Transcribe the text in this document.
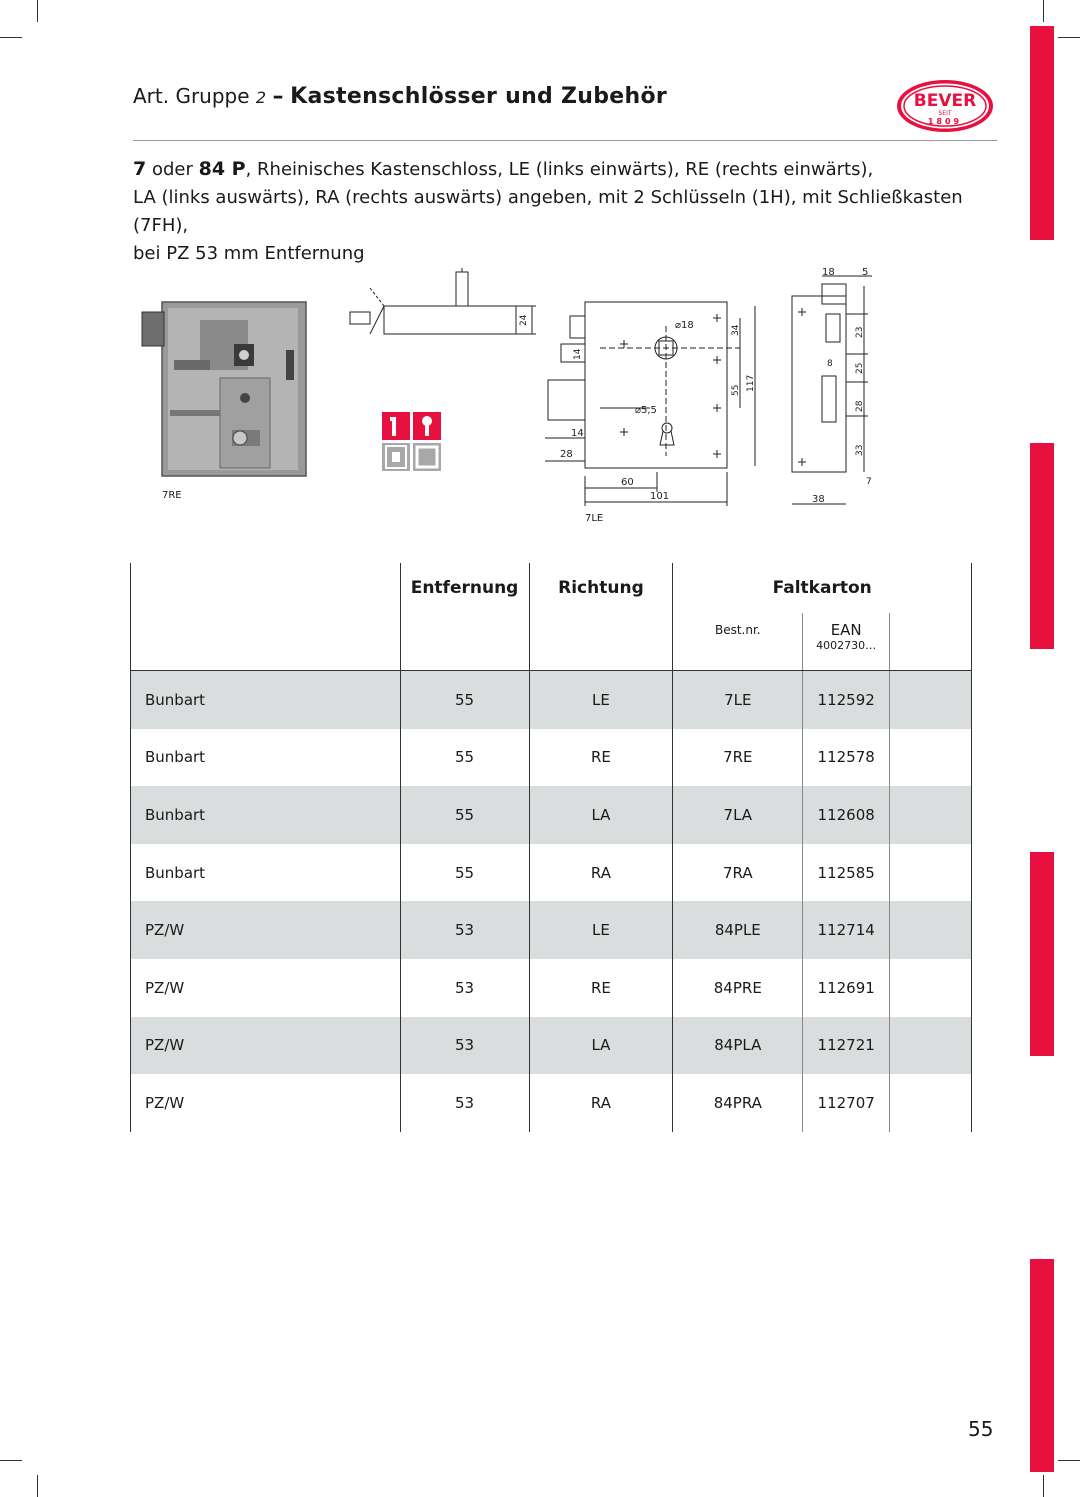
Art. Gruppe 2 – Kastenschlösser und Zubehör	BEVER
SEIT
1809
7 oder 84 P, Rheinisches Kastenschloss, LE (links einwärts), RE (rechts einwärts),
LA (links auswärts), RA (rechts auswärts) angeben, mit 2 Schlüsseln (1H), mit Schließkasten (7FH),
bei PZ 53 mm Entfernung
7RE
24	⌀18
⌀5,5
14
14
28
60
101
34
55 117
7LE
18	5
23
8 25
28
33
7
38
	Entfernung	Richtung	Faltkarton		

			Best.nr.	EAN
4002730…	

Bunbart	55	LE	7LE	112592	
Bunbart	55	RE	7RE	112578	
Bunbart	55	LA	7LA	112608	
Bunbart	55	RA	7RA	112585	
PZ/W	53	LE	84PLE	112714	
PZ/W	53	RE	84PRE	112691	
PZ/W	53	LA	84PLA	112721	
PZ/W	53	RA	84PRA	112707	
55
